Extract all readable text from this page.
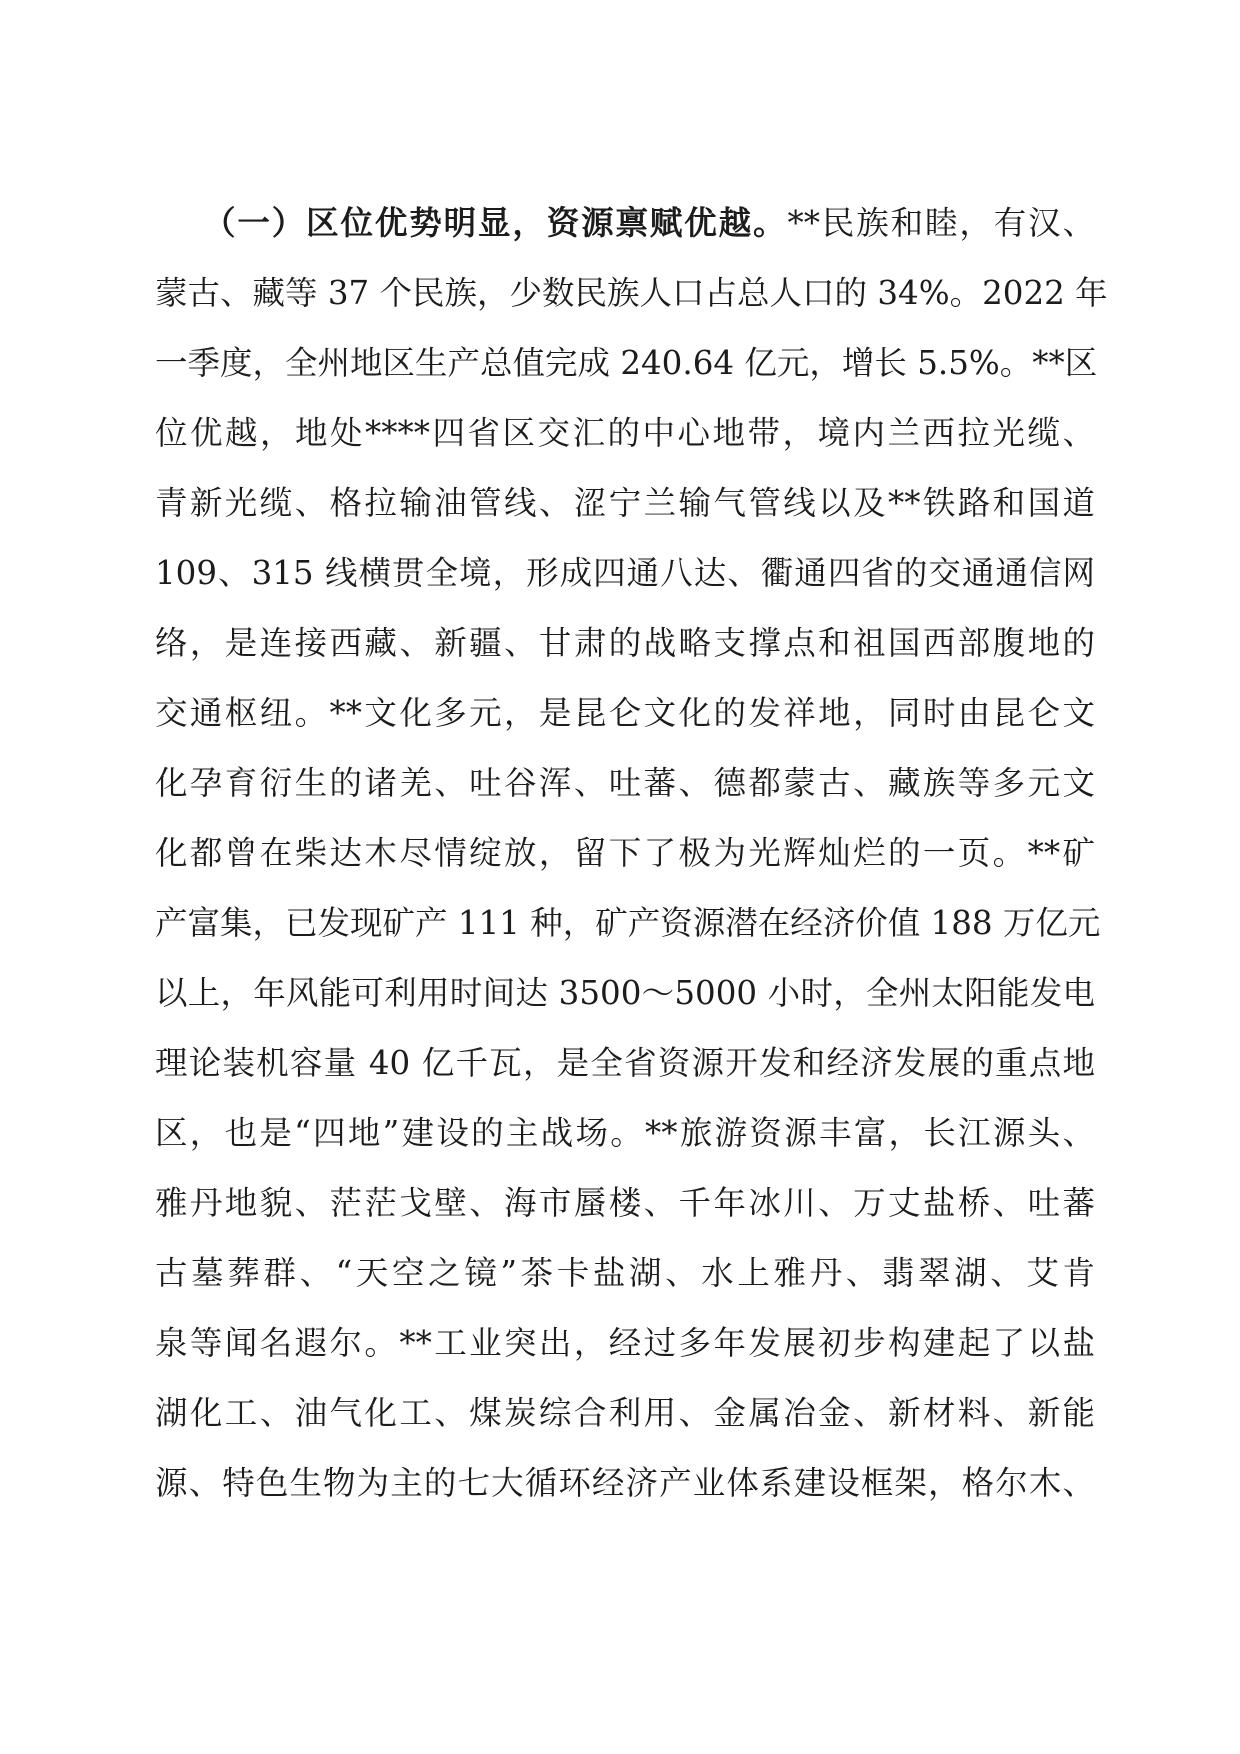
（一）区位优势明显，资源禀赋优越。**民族和睦，有汉、
蒙古、藏等 37 个民族，少数民族人口占总人口的 34%。2022 年
一季度，全州地区生产总值完成 240.64 亿元，增长 5.5%。**区
位优越，地处****四省区交汇的中心地带，境内兰西拉光缆、
青新光缆、格拉输油管线、涩宁兰输气管线以及**铁路和国道
109、315 线横贯全境，形成四通八达、衢通四省的交通通信网
络，是连接西藏、新疆、甘肃的战略支撑点和祖国西部腹地的
交通枢纽。**文化多元，是昆仑文化的发祥地，同时由昆仑文
化孕育衍生的诸羌、吐谷浑、吐蕃、德都蒙古、藏族等多元文
化都曾在柴达木尽情绽放，留下了极为光辉灿烂的一页。**矿
产富集，已发现矿产 111 种，矿产资源潜在经济价值 188 万亿元
以上，年风能可利用时间达 3500～5000 小时，全州太阳能发电
理论装机容量 40 亿千瓦，是全省资源开发和经济发展的重点地
区，也是“四地”建设的主战场。**旅游资源丰富，长江源头、
雅丹地貌、茫茫戈壁、海市蜃楼、千年冰川、万丈盐桥、吐蕃
古墓葬群、“天空之镜”茶卡盐湖、水上雅丹、翡翠湖、艾肯
泉等闻名遐尔。**工业突出，经过多年发展初步构建起了以盐
湖化工、油气化工、煤炭综合利用、金属冶金、新材料、新能
源、特色生物为主的七大循环经济产业体系建设框架，格尔木、
